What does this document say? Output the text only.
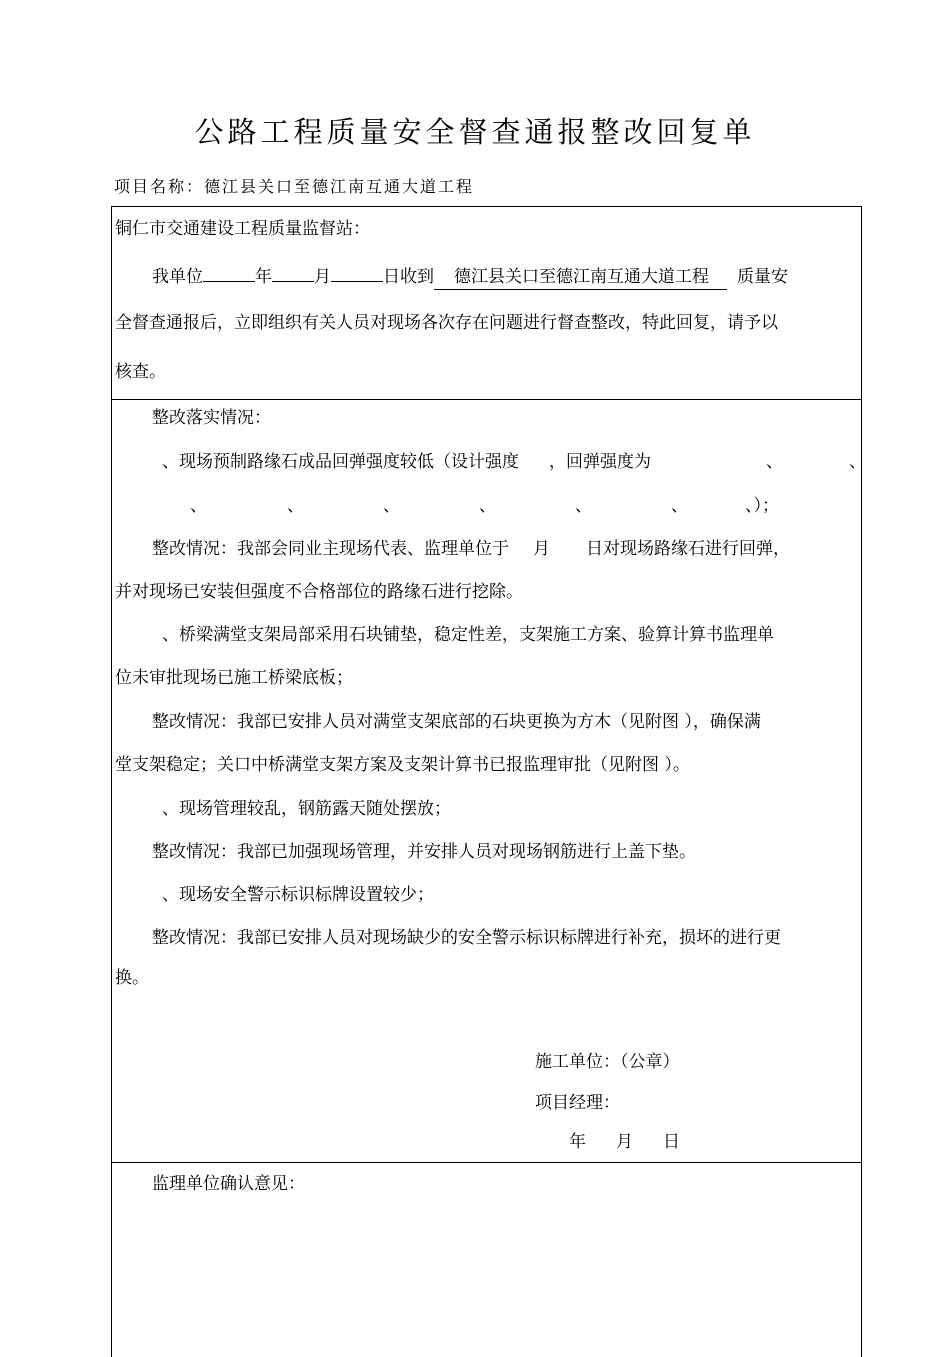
公路工程质量安全督查通报整改回复单
项目名称：德江县关口至德江南互通大道工程
铜仁市交通建设工程质量监督站：
我单位	年 月	日收到 德江县关口至德江南互通大道工程 质量安
全督查通报后，立即组织有关人员对现场各次存在问题进行督查整改，特此回复，请予以
核查。
整改落实情况：
、现场预制路缘石成品回弹强度较低（设计强度 ，回弹强度为	、	、
、	、	、	、	、	、	、）；
整改情况：我部会同业主现场代表、监理单位于 月 日对现场路缘石进行回弹，
并对现场已安装但强度不合格部位的路缘石进行挖除。
、桥梁满堂支架局部采用石块铺垫，稳定性差，支架施工方案、验算计算书监理单
位未审批现场已施工桥梁底板；
整改情况：我部已安排人员对满堂支架底部的石块更换为方木（见附图 ），确保满
堂支架稳定；关口中桥满堂支架方案及支架计算书已报监理审批（见附图 ）。
、现场管理较乱，钢筋露天随处摆放；
整改情况：我部已加强现场管理，并安排人员对现场钢筋进行上盖下垫。
、现场安全警示标识标牌设置较少；
整改情况：我部已安排人员对现场缺少的安全警示标识标牌进行补充，损坏的进行更
换。
施工单位：（公章）
项目经理：
年 月 日
监理单位确认意见：
